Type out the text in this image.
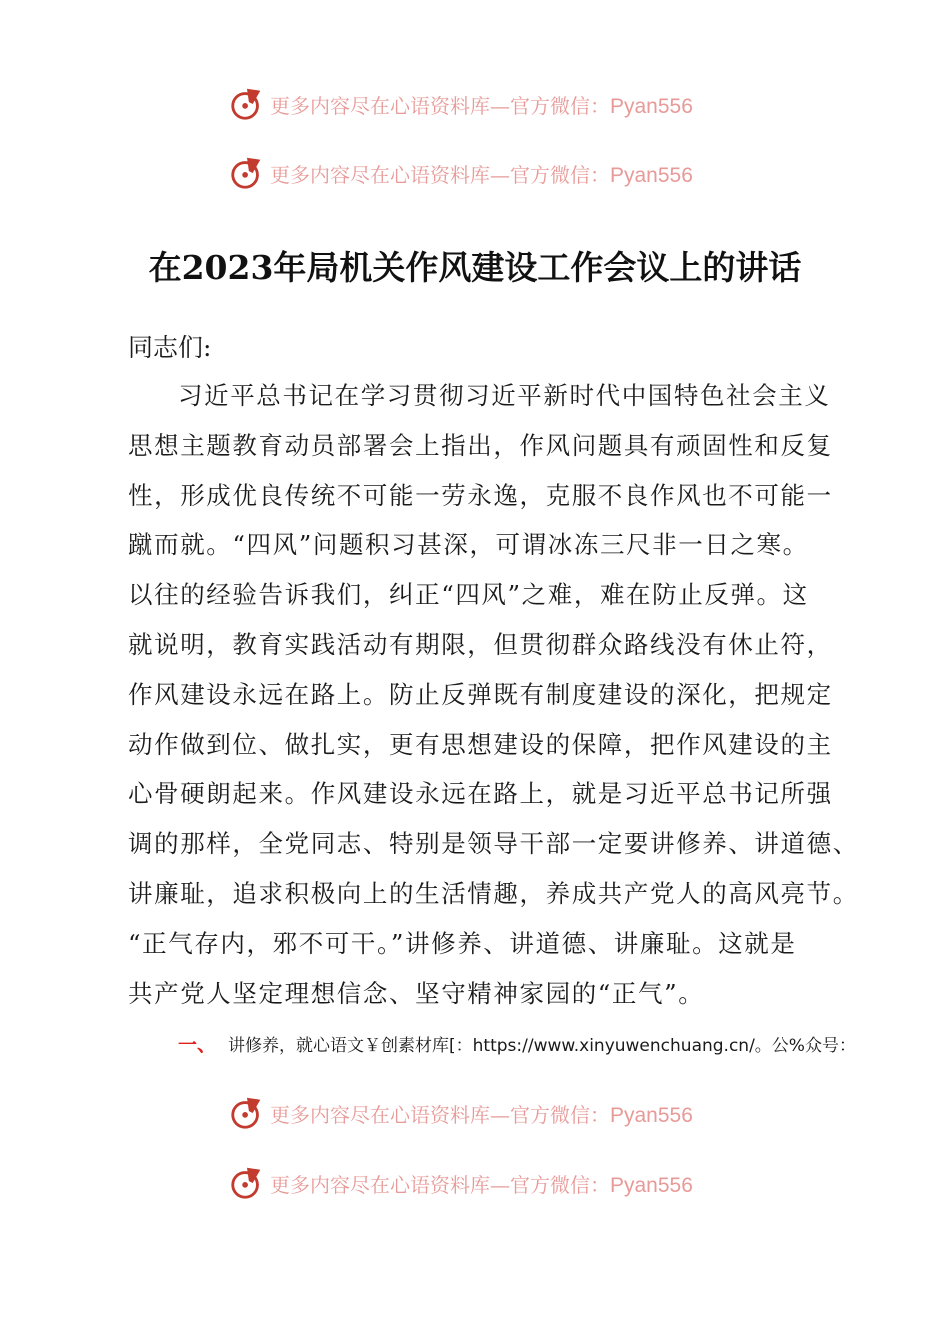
更多内容尽在心语资料库—官方微信：Pyan556
更多内容尽在心语资料库—官方微信：Pyan556
在2023年局机关作风建设工作会议上的讲话
同志们:
习近平总书记在学习贯彻习近平新时代中国特色社会主义
思想主题教育动员部署会上指出，作风问题具有顽固性和反复
性，形成优良传统不可能一劳永逸，克服不良作风也不可能一
蹴而就。“四风”问题积习甚深，可谓冰冻三尺非一日之寒。
以往的经验告诉我们，纠正“四风”之难，难在防止反弹。这
就说明，教育实践活动有期限，但贯彻群众路线没有休止符，
作风建设永远在路上。防止反弹既有制度建设的深化，把规定
动作做到位、做扎实，更有思想建设的保障，把作风建设的主
心骨硬朗起来。作风建设永远在路上，就是习近平总书记所强
调的那样，全党同志、特别是领导干部一定要讲修养、讲道德、
讲廉耻，追求积极向上的生活情趣，养成共产党人的高风亮节。
“正气存内，邪不可干。”讲修养、讲道德、讲廉耻。这就是
共产党人坚定理想信念、坚守精神家园的“正气”。
一、 讲修养，就心语文￥创素材库[：https://www.xinyuwenchuang.cn/。公%众号：
更多内容尽在心语资料库—官方微信：Pyan556
更多内容尽在心语资料库—官方微信：Pyan556
